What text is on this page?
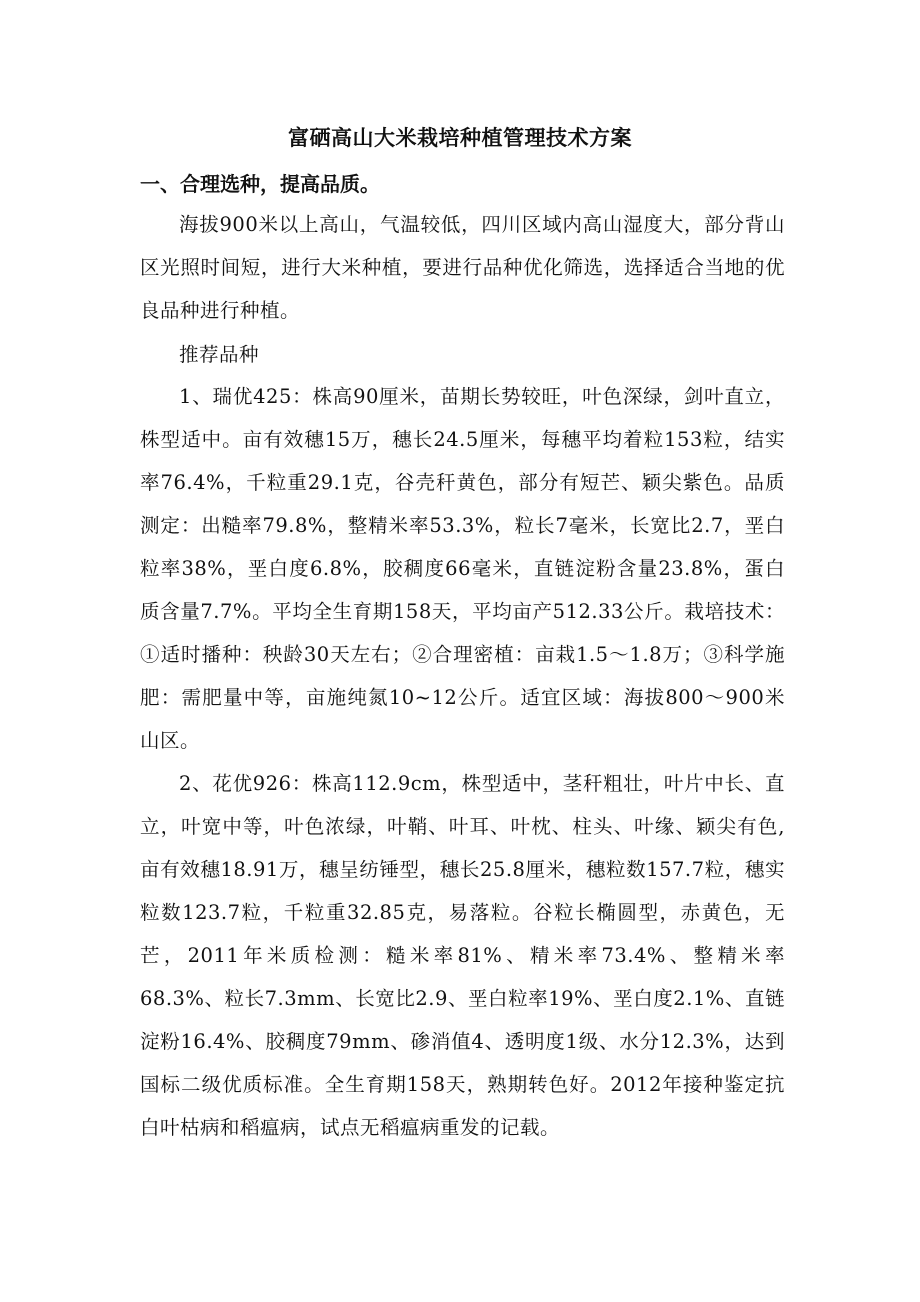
富硒高山大米栽培种植管理技术方案
一、合理选种，提高品质。

海拔900米以上高山，气温较低，四川区域内高山湿度大，部分背山区光照时间短，进行大米种植，要进行品种优化筛选，选择适合当地的优良品种进行种植。

推荐品种

1、瑞优425：株高90厘米，苗期长势较旺，叶色深绿，剑叶直立，株型适中。亩有效穗15万，穗长24.5厘米，每穗平均着粒153粒，结实率76.4%，千粒重29.1克，谷壳秆黄色，部分有短芒、颖尖紫色。品质测定：出糙率79.8%，整精米率53.3%，粒长7毫米，长宽比2.7，垩白粒率38%，垩白度6.8%，胶稠度66毫米，直链淀粉含量23.8%，蛋白质含量7.7%。平均全生育期158天，平均亩产512.33公斤。栽培技术：①适时播种：秧龄30天左右；②合理密植：亩栽1.5～1.8万；③科学施肥：需肥量中等，亩施纯氮10~12公斤。适宜区域：海拔800～900米山区。

2、花优926：株高112.9cm，株型适中，茎秆粗壮，叶片中长、直立，叶宽中等，叶色浓绿，叶鞘、叶耳、叶枕、柱头、叶缘、颖尖有色,亩有效穗18.91万，穗呈纺锤型，穗长25.8厘米，穗粒数157.7粒，穗实粒数123.7粒，千粒重32.85克，易落粒。谷粒长椭圆型，赤黄色，无芒，2011年米质检测：糙米率81%、精米率73.4%、整精米率68.3%、粒长7.3mm、长宽比2.9、垩白粒率19%、垩白度2.1%、直链淀粉16.4%、胶稠度79mm、碜消值4、透明度1级、水分12.3%，达到国标二级优质标准。全生育期158天，熟期转色好。2012年接种鉴定抗白叶枯病和稻瘟病，试点无稻瘟病重发的记载。
